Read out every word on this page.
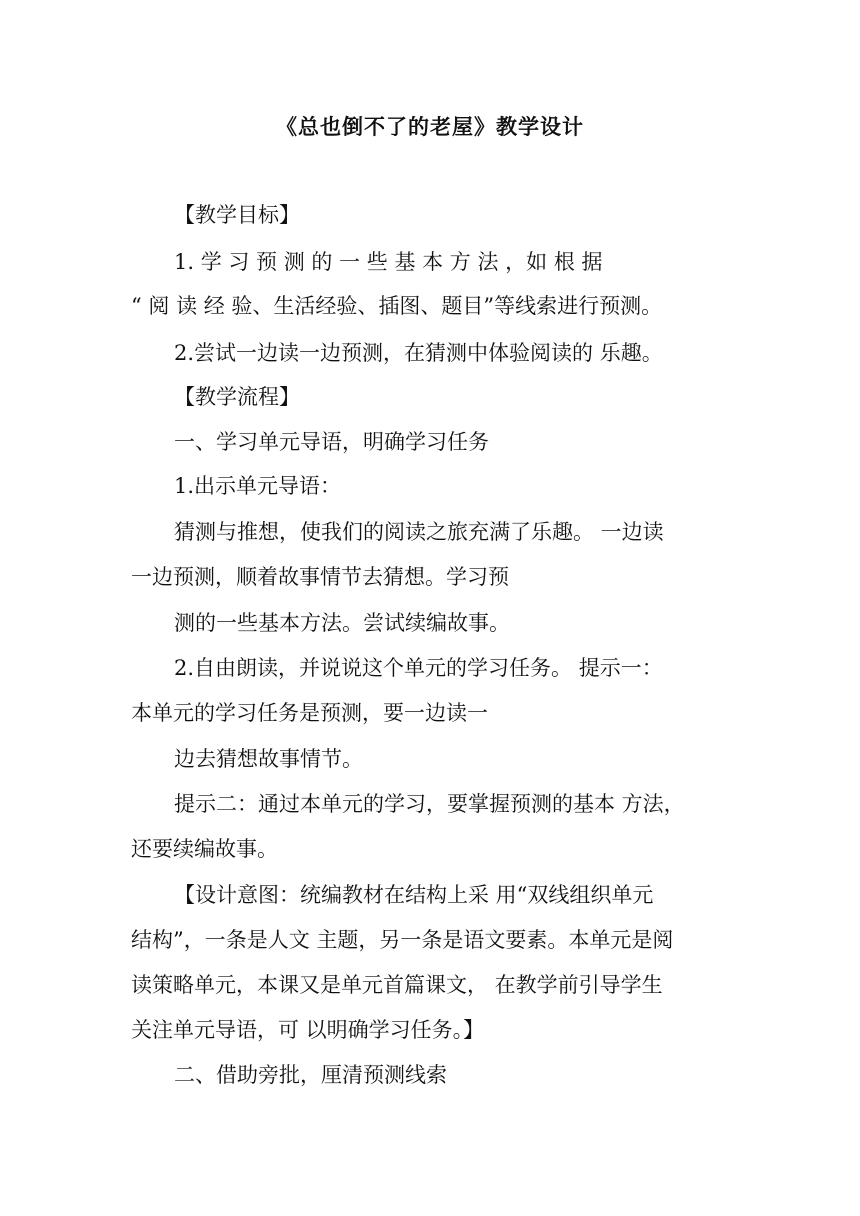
《总也倒不了的老屋》教学设计
【教学目标】
1. 学 习 预 测 的 一 些 基 本 方 法 ，如 根 据
“ 阅 读 经 验、生活经验、插图、题目”等线索进行预测。
2.尝试一边读一边预测，在猜测中体验阅读的 乐趣。
【教学流程】
一、学习单元导语，明确学习任务
1.出示单元导语：
猜测与推想，使我们的阅读之旅充满了乐趣。 一边读
一边预测，顺着故事情节去猜想。学习预
测的一些基本方法。尝试续编故事。
2.自由朗读，并说说这个单元的学习任务。 提示一：
本单元的学习任务是预测，要一边读一
边去猜想故事情节。
提示二：通过本单元的学习，要掌握预测的基本 方法，
还要续编故事。
【设计意图：统编教材在结构上采 用“双线组织单元
结构”，一条是人文 主题，另一条是语文要素。本单元是阅
读策略单元，本课又是单元首篇课文， 在教学前引导学生
关注单元导语，可 以明确学习任务。】
二、借助旁批，厘清预测线索
